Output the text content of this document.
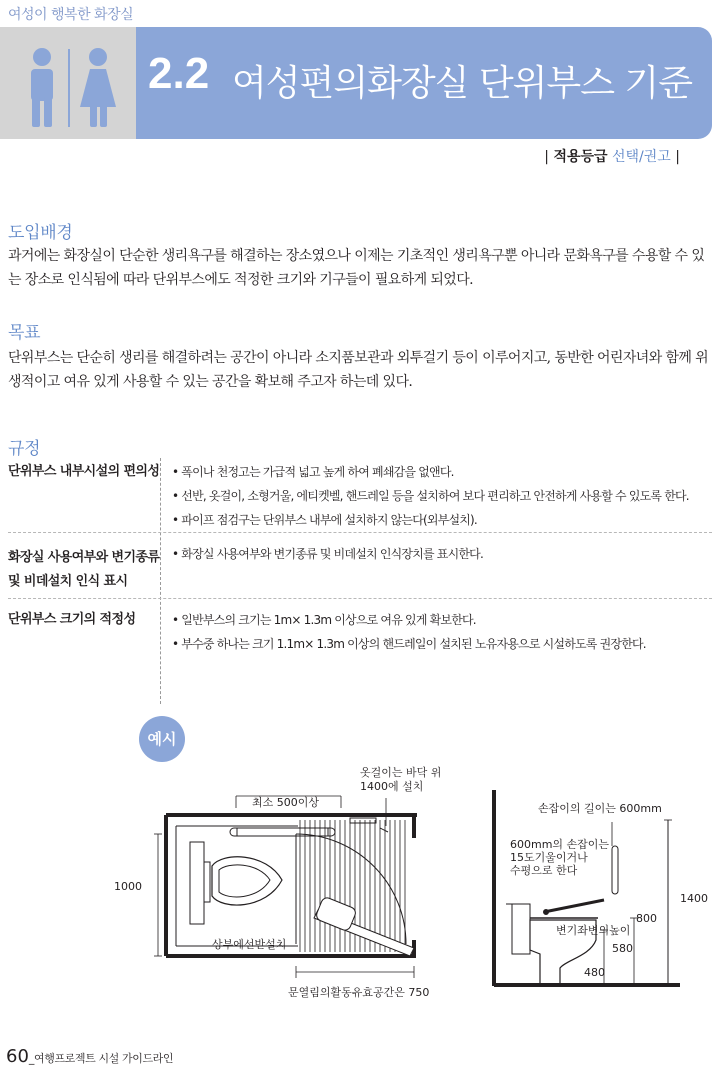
여성이 행복한 화장실
2.2 여성편의화장실 단위부스 기준
| 적용등급 선택/권고 |
도입배경
과거에는 화장실이 단순한 생리욕구를 해결하는 장소였으나 이제는 기초적인 생리욕구뿐 아니라 문화욕구를 수용할 수 있는 장소로 인식됨에 따라 단위부스에도 적정한 크기와 기구들이 필요하게 되었다.
목표
단위부스는 단순히 생리를 해결하려는 공간이 아니라 소지품보관과 외투걸기 등이 이루어지고, 동반한 어린자녀와 함께 위생적이고 여유 있게 사용할 수 있는 공간을 확보해 주고자 하는데 있다.
규정
단위부스 내부시설의 편의성	• 폭이나 천정고는 가급적 넓고 높게 하여 폐쇄감을 없앤다.
• 선반, 옷걸이, 소형거울, 에티켓벨, 핸드레일 등을 설치하여 보다 편리하고 안전하게 사용할 수 있도록 한다.
• 파이프 점검구는 단위부스 내부에 설치하지 않는다(외부설치).
화장실 사용여부와 변기종류
및 비데설치 인식 표시
• 화장실 사용여부와 변기종류 및 비데설치 인식장치를 표시한다.
단위부스 크기의 적정성	• 일반부스의 크기는 1m× 1.3m 이상으로 여유 있게 확보한다.
• 부수중 하나는 크기 1.1m× 1.3m 이상의 핸드레일이 설치된 노유자용으로 시설하도록 권장한다.
예시
옷걸이는 바닥 위
1400에 설치
최소 500이상
1000
상부에선반설치
문열림의활동유효공간은 750
손잡이의 길이는 600mm
600mm의 손잡이는
15도기울이거나
수평으로 한다
1400
800
변기좌변의높이
580
480
60_여행프로젝트 시설 가이드라인
